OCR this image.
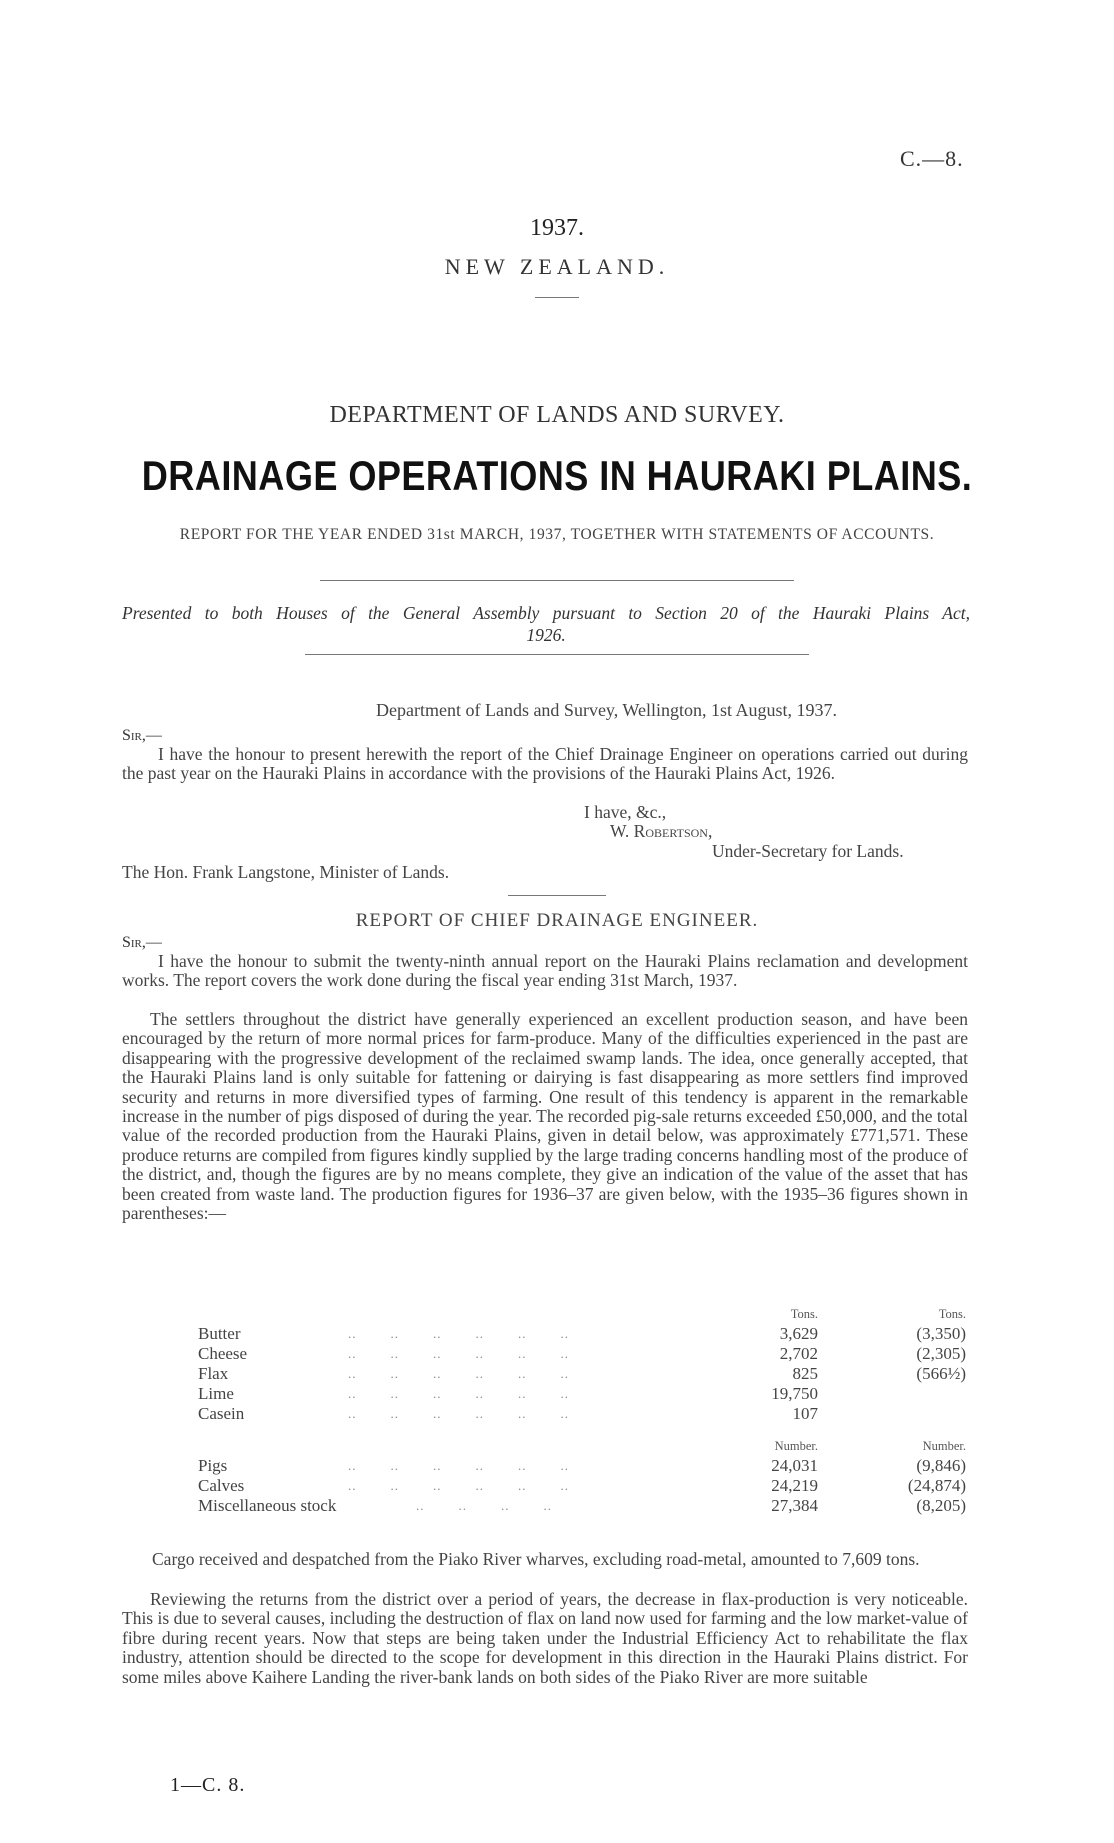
C.—8.
1937.
NEW ZEALAND.
DEPARTMENT OF LANDS AND SURVEY.
DRAINAGE OPERATIONS IN HAURAKI PLAINS.
REPORT FOR THE YEAR ENDED 31st MARCH, 1937, TOGETHER WITH STATEMENTS OF ACCOUNTS.
Presented to both Houses of the General Assembly pursuant to Section 20 of the Hauraki Plains Act, 1926.
Department of Lands and Survey, Wellington, 1st August, 1937.
Sir,—
I have the honour to present herewith the report of the Chief Drainage Engineer on operations carried out during the past year on the Hauraki Plains in accordance with the provisions of the Hauraki Plains Act, 1926.
I have, &c.,
W. Robertson,
Under-Secretary for Lands.
The Hon. Frank Langstone, Minister of Lands.
REPORT OF CHIEF DRAINAGE ENGINEER.
Sir,—
I have the honour to submit the twenty-ninth annual report on the Hauraki Plains reclamation and development works. The report covers the work done during the fiscal year ending 31st March, 1937.
The settlers throughout the district have generally experienced an excellent production season, and have been encouraged by the return of more normal prices for farm-produce. Many of the difficulties experienced in the past are disappearing with the progressive development of the reclaimed swamp lands. The idea, once generally accepted, that the Hauraki Plains land is only suitable for fattening or dairying is fast disappearing as more settlers find improved security and returns in more diversified types of farming. One result of this tendency is apparent in the remarkable increase in the number of pigs disposed of during the year. The recorded pig-sale returns exceeded £50,000, and the total value of the recorded production from the Hauraki Plains, given in detail below, was approximately £771,571. These produce returns are compiled from figures kindly supplied by the large trading concerns handling most of the produce of the district, and, though the figures are by no means complete, they give an indication of the value of the asset that has been created from waste land. The production figures for 1936–37 are given below, with the 1935–36 figures shown in parentheses:—
		Tons.	Tons.
Butter	..        ..        ..        ..        ..        ..	3,629	(3,350)
Cheese	..        ..        ..        ..        ..        ..	2,702	(2,305)
Flax	..        ..        ..        ..        ..        ..	825	(566½)
Lime	..        ..        ..        ..        ..        ..	19,750	
Casein	..        ..        ..        ..        ..        ..	107	
		Number.	Number.
Pigs	..        ..        ..        ..        ..        ..	24,031	(9,846)
Calves	..        ..        ..        ..        ..        ..	24,219	(24,874)
Miscellaneous stock	..        ..        ..        ..	27,384	(8,205)
Cargo received and despatched from the Piako River wharves, excluding road-metal, amounted to 7,609 tons.
Reviewing the returns from the district over a period of years, the decrease in flax-production is very noticeable. This is due to several causes, including the destruction of flax on land now used for farming and the low market-value of fibre during recent years. Now that steps are being taken under the Industrial Efficiency Act to rehabilitate the flax industry, attention should be directed to the scope for development in this direction in the Hauraki Plains district. For some miles above Kaihere Landing the river-bank lands on both sides of the Piako River are more suitable
1—C. 8.
